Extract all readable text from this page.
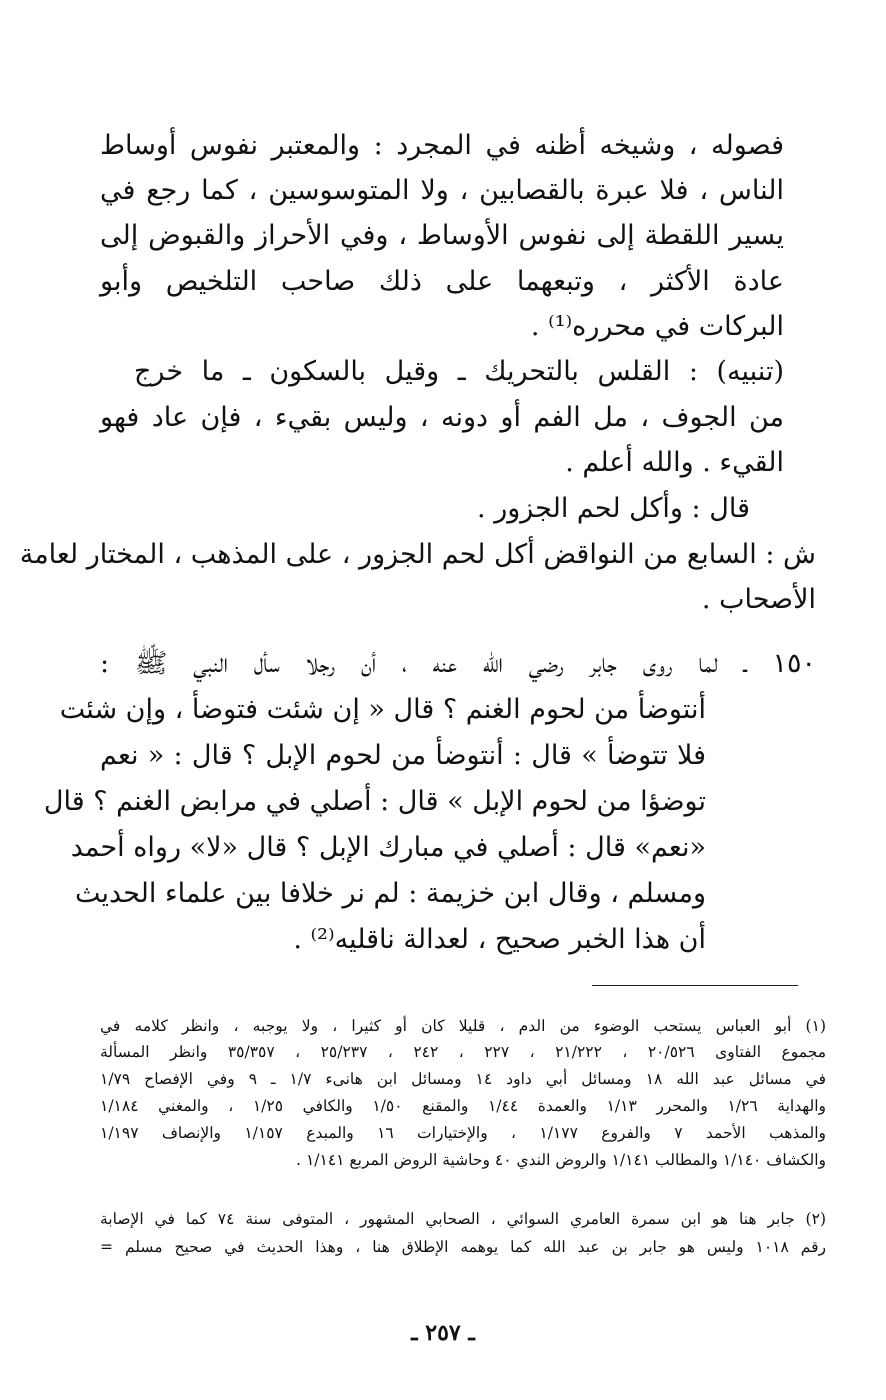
فصوله ، وشيخه أظنه في المجرد : والمعتبر نفوس أوساط
الناس ، فلا عبرة بالقصابين ، ولا المتوسوسين ، كما رجع في
يسير اللقطة إلى نفوس الأوساط ، وفي الأحراز والقبوض إلى
عادة الأكثر ، وتبعهما على ذلك صاحب التلخيص وأبو
البركات في محرره⁽¹⁾ .
(تنبيه) : القلس بالتحريك ـ وقيل بالسكون ـ ما خرج
من الجوف ، مل الفم أو دونه ، وليس بقيء ، فإن عاد فهو
القيء . والله أعلم .
قال : وأكل لحم الجزور .
ش : السابع من النواقض أكل لحم الجزور ، على المذهب ، المختار لعامة
الأصحاب .
١٥٠ ـ لما روى جابر رضي الله عنه ، أن رجلا سأل النبي ﷺ :
أنتوضأ من لحوم الغنم ؟ قال « إن شئت فتوضأ ، وإن شئت
فلا تتوضأ » قال : أنتوضأ من لحوم الإبل ؟ قال : « نعم
توضؤا من لحوم الإبل » قال : أصلي في مرابض الغنم ؟ قال
«نعم» قال : أصلي في مبارك الإبل ؟ قال «لا» رواه أحمد
ومسلم ، وقال ابن خزيمة : لم نر خلافا بين علماء الحديث
أن هذا الخبر صحيح ، لعدالة ناقليه⁽²⁾ .
(١) أبو العباس يستحب الوضوء من الدم ، قليلا كان أو كثيرا ، ولا يوجبه ، وانظر كلامه في
مجموع الفتاوى ٢٠/٥٢٦ ، ٢١/٢٢٢ ، ٢٢٧ ، ٢٤٢ ، ٢٥/٢٣٧ ، ٣٥/٣٥٧ وانظر المسألة
في مسائل عبد الله ١٨ ومسائل أبي داود ١٤ ومسائل ابن هانىء ١/٧ ـ ٩ وفي الإفصاح ١/٧٩
والهداية ١/٢٦ والمحرر ١/١٣ والعمدة ١/٤٤ والمقنع ١/٥٠ والكافي ١/٢٥ ، والمغني ١/١٨٤
والمذهب الأحمد ٧ والفروع ١/١٧٧ ، والإختيارات ١٦ والمبدع ١/١٥٧ والإنصاف ١/١٩٧
والكشاف ١/١٤٠ والمطالب ١/١٤١ والروض الندي ٤٠ وحاشية الروض المربع ١/١٤١ .
(٢) جابر هنا هو ابن سمرة العامري السوائي ، الصحابي المشهور ، المتوفى سنة ٧٤ كما في الإصابة
رقم ١٠١٨ وليس هو جابر بن عبد الله كما يوهمه الإطلاق هنا ، وهذا الحديث في صحيح مسلم =
ـ ٢٥٧ ـ
